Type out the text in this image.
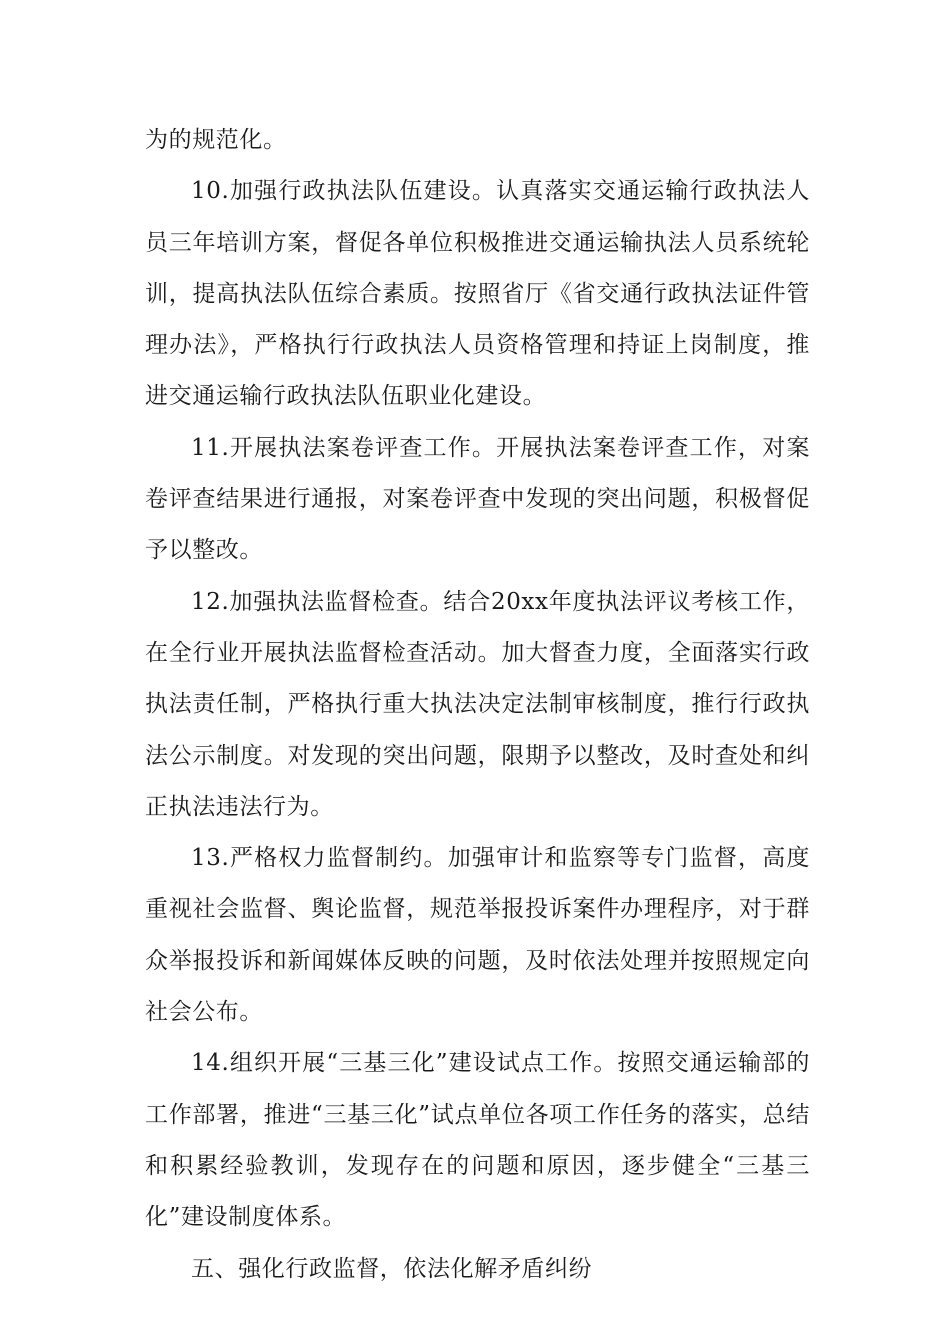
为的规范化。

10.加强行政执法队伍建设。认真落实交通运输行政执法人员三年培训方案，督促各单位积极推进交通运输执法人员系统轮训，提高执法队伍综合素质。按照省厅《省交通行政执法证件管理办法》，严格执行行政执法人员资格管理和持证上岗制度，推进交通运输行政执法队伍职业化建设。

11.开展执法案卷评查工作。开展执法案卷评查工作，对案卷评查结果进行通报，对案卷评查中发现的突出问题，积极督促予以整改。

12.加强执法监督检查。结合20xx年度执法评议考核工作，在全行业开展执法监督检查活动。加大督查力度，全面落实行政执法责任制，严格执行重大执法决定法制审核制度，推行行政执法公示制度。对发现的突出问题，限期予以整改，及时查处和纠正执法违法行为。

13.严格权力监督制约。加强审计和监察等专门监督，高度重视社会监督、舆论监督，规范举报投诉案件办理程序，对于群众举报投诉和新闻媒体反映的问题，及时依法处理并按照规定向社会公布。

14.组织开展“三基三化”建设试点工作。按照交通运输部的工作部署，推进“三基三化”试点单位各项工作任务的落实，总结和积累经验教训，发现存在的问题和原因，逐步健全“三基三化”建设制度体系。

五、强化行政监督，依法化解矛盾纠纷
